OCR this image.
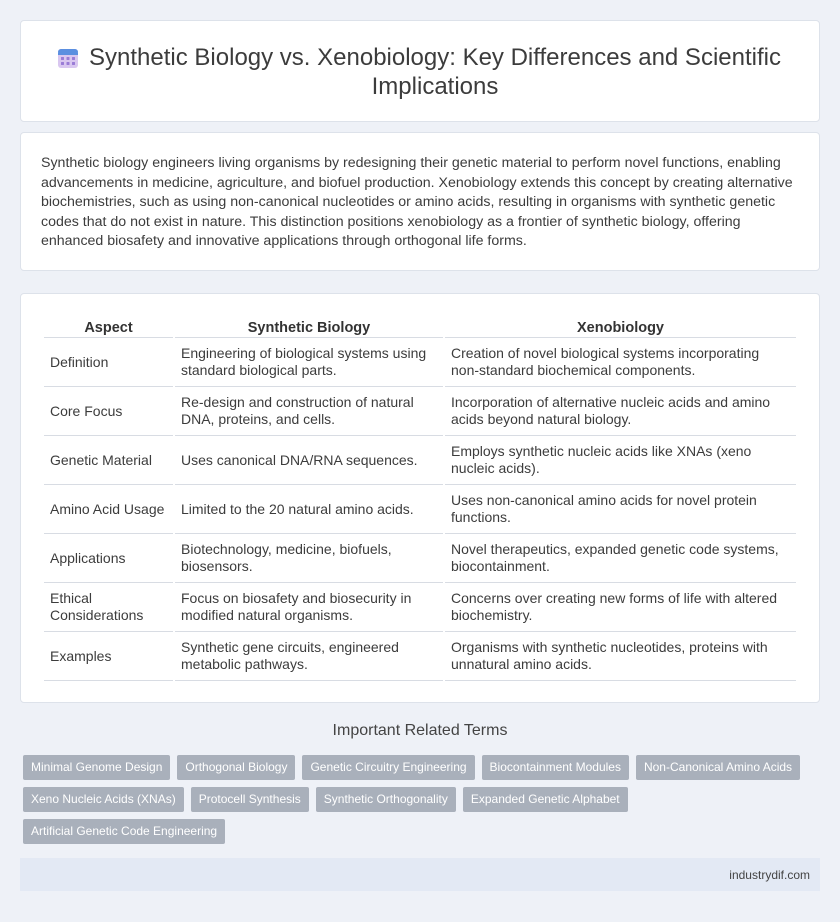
Synthetic Biology vs. Xenobiology: Key Differences and Scientific Implications

Synthetic biology engineers living organisms by redesigning their genetic material to perform novel functions, enabling advancements in medicine, agriculture, and biofuel production. Xenobiology extends this concept by creating alternative biochemistries, such as using non-canonical nucleotides or amino acids, resulting in organisms with synthetic genetic codes that do not exist in nature. This distinction positions xenobiology as a frontier of synthetic biology, offering enhanced biosafety and innovative applications through orthogonal life forms.

Aspect	Synthetic Biology	Xenobiology
Definition	Engineering of biological systems using standard biological parts.	Creation of novel biological systems incorporating non-standard biochemical components.
Core Focus	Re-design and construction of natural DNA, proteins, and cells.	Incorporation of alternative nucleic acids and amino acids beyond natural biology.
Genetic Material	Uses canonical DNA/RNA sequences.	Employs synthetic nucleic acids like XNAs (xeno nucleic acids).
Amino Acid Usage	Limited to the 20 natural amino acids.	Uses non-canonical amino acids for novel protein functions.
Applications	Biotechnology, medicine, biofuels, biosensors.	Novel therapeutics, expanded genetic code systems, biocontainment.
Ethical Considerations	Focus on biosafety and biosecurity in modified natural organisms.	Concerns over creating new forms of life with altered biochemistry.
Examples	Synthetic gene circuits, engineered metabolic pathways.	Organisms with synthetic nucleotides, proteins with unnatural amino acids.
Important Related Terms
Minimal Genome Design	Orthogonal Biology	Genetic Circuitry Engineering	Biocontainment Modules	Non-Canonical Amino Acids
Xeno Nucleic Acids (XNAs)	Protocell Synthesis	Synthetic Orthogonality	Expanded Genetic Alphabet
Artificial Genetic Code Engineering
industrydif.com
